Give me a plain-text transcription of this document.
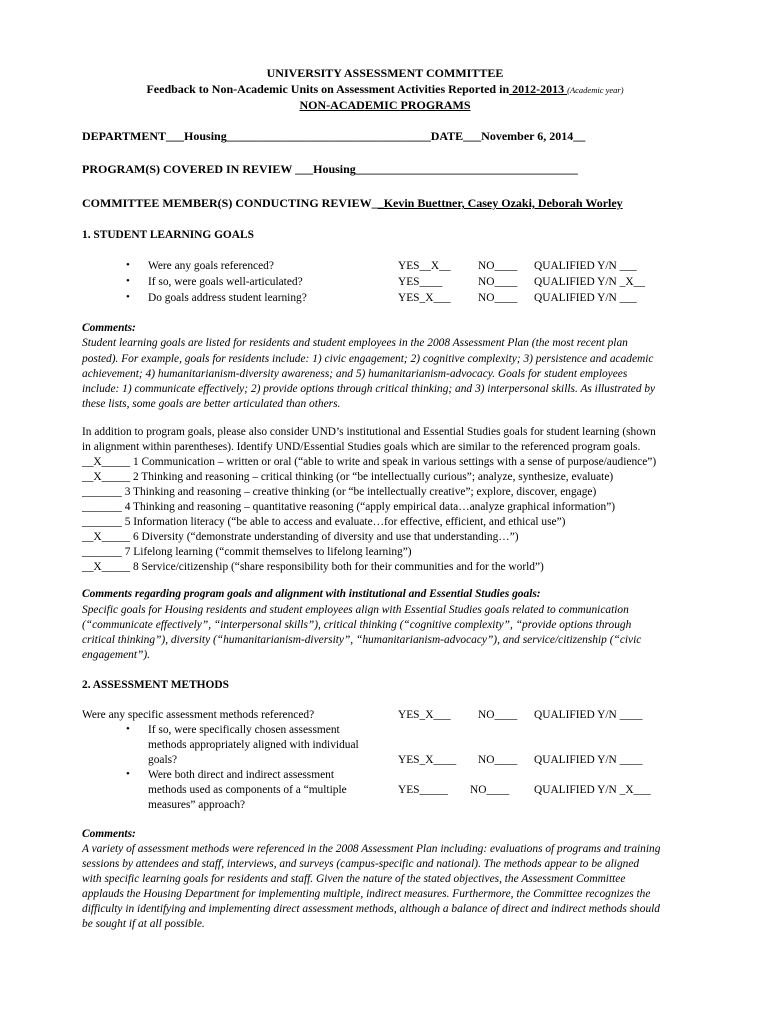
UNIVERSITY ASSESSMENT COMMITTEE
Feedback to Non-Academic Units on Assessment Activities Reported in 2012-2013 (Academic year)
NON-ACADEMIC PROGRAMS
DEPARTMENT___Housing__________________________________DATE___November 6, 2014__
PROGRAM(S) COVERED IN REVIEW ___Housing_____________________________________
COMMITTEE MEMBER(S) CONDUCTING REVIEW__Kevin Buettner, Casey Ozaki, Deborah Worley
1. STUDENT LEARNING GOALS
• Were any goals referenced?	YES__X__ NO____ QUALIFIED Y/N ___
• If so, were goals well-articulated?	YES____	NO____ QUALIFIED Y/N _X__
• Do goals address student learning?	YES_X___ NO____ QUALIFIED Y/N ___
Comments:
Student learning goals are listed for residents and student employees in the 2008 Assessment Plan (the most recent plan
posted). For example, goals for residents include: 1) civic engagement; 2) cognitive complexity; 3) persistence and academic
achievement; 4) humanitarianism-diversity awareness; and 5) humanitarianism-advocacy. Goals for student employees
include: 1) communicate effectively; 2) provide options through critical thinking; and 3) interpersonal skills. As illustrated by
these lists, some goals are better articulated than others.
In addition to program goals, please also consider UND’s institutional and Essential Studies goals for student learning (shown
in alignment within parentheses). Identify UND/Essential Studies goals which are similar to the referenced program goals.
__X_____ 1 Communication – written or oral (“able to write and speak in various settings with a sense of purpose/audience”)
__X_____ 2 Thinking and reasoning – critical thinking (or “be intellectually curious”; analyze, synthesize, evaluate)
_______ 3 Thinking and reasoning – creative thinking (or “be intellectually creative”; explore, discover, engage)
_______ 4 Thinking and reasoning – quantitative reasoning (“apply empirical data…analyze graphical information”)
_______ 5 Information literacy (“be able to access and evaluate…for effective, efficient, and ethical use”)
__X_____ 6 Diversity (“demonstrate understanding of diversity and use that understanding…”)
_______ 7 Lifelong learning (“commit themselves to lifelong learning”)
__X_____ 8 Service/citizenship (“share responsibility both for their communities and for the world”)
Comments regarding program goals and alignment with institutional and Essential Studies goals:
Specific goals for Housing residents and student employees align with Essential Studies goals related to communication
(“communicate effectively”, “interpersonal skills”), critical thinking (“cognitive complexity”, “provide options through
critical thinking”), diversity (“humanitarianism-diversity”, “humanitarianism-advocacy”), and service/citizenship (“civic
engagement”).
2. ASSESSMENT METHODS
Were any specific assessment methods referenced?	YES_X___ NO____ QUALIFIED Y/N ____
• If so, were specifically chosen assessment
methods appropriately aligned with individual
goals?	YES_X____ NO____ QUALIFIED Y/N ____
• Were both direct and indirect assessment
methods used as components of a “multiple
measures” approach?
YES_____ NO____ QUALIFIED Y/N _X___
Comments:
A variety of assessment methods were referenced in the 2008 Assessment Plan including: evaluations of programs and training
sessions by attendees and staff, interviews, and surveys (campus-specific and national). The methods appear to be aligned
with specific learning goals for residents and staff. Given the nature of the stated objectives, the Assessment Committee
applauds the Housing Department for implementing multiple, indirect measures. Furthermore, the Committee recognizes the
difficulty in identifying and implementing direct assessment methods, although a balance of direct and indirect methods should
be sought if at all possible.
